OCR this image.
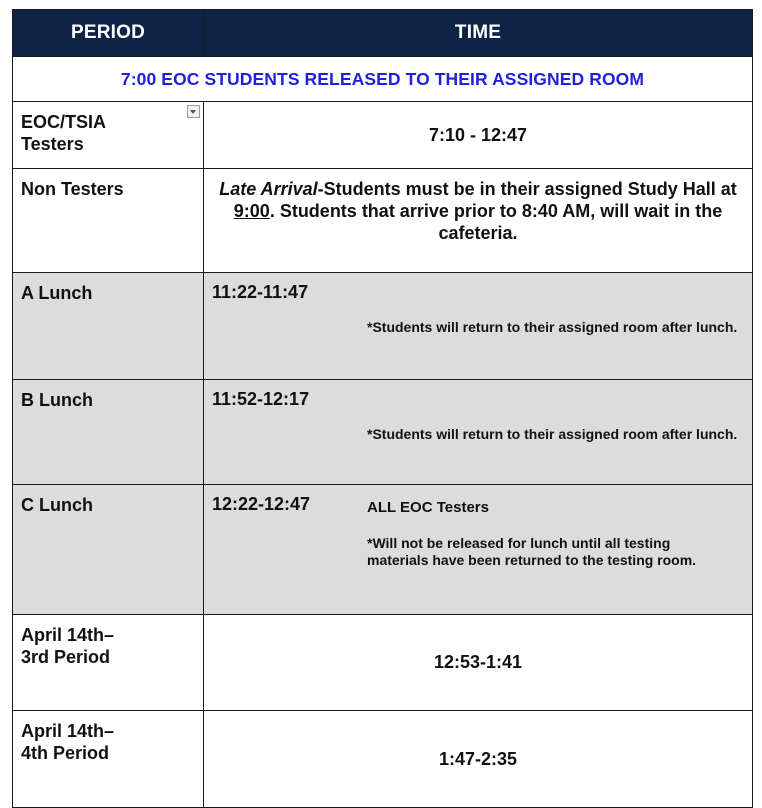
PERIOD	TIME
7:00 EOC STUDENTS RELEASED TO THEIR ASSIGNED ROOM	

EOC/TSIA Testers	7:10 - 12:47
Non Testers	Late Arrival-Students must be in their assigned Study Hall at 9:00. Students that arrive prior to 8:40 AM, will wait in the cafeteria.

A Lunch	11:22-11:47
*Students will return to their assigned room after lunch.

B Lunch	11:52-12:17
*Students will return to their assigned room after lunch.

C Lunch	12:22-12:47 ALL EOC Testers
*Will not be released for lunch until all testing materials have been returned to the testing room.

April 14th– 3rd Period	12:53-1:41

April 14th– 4th Period	1:47-2:35
